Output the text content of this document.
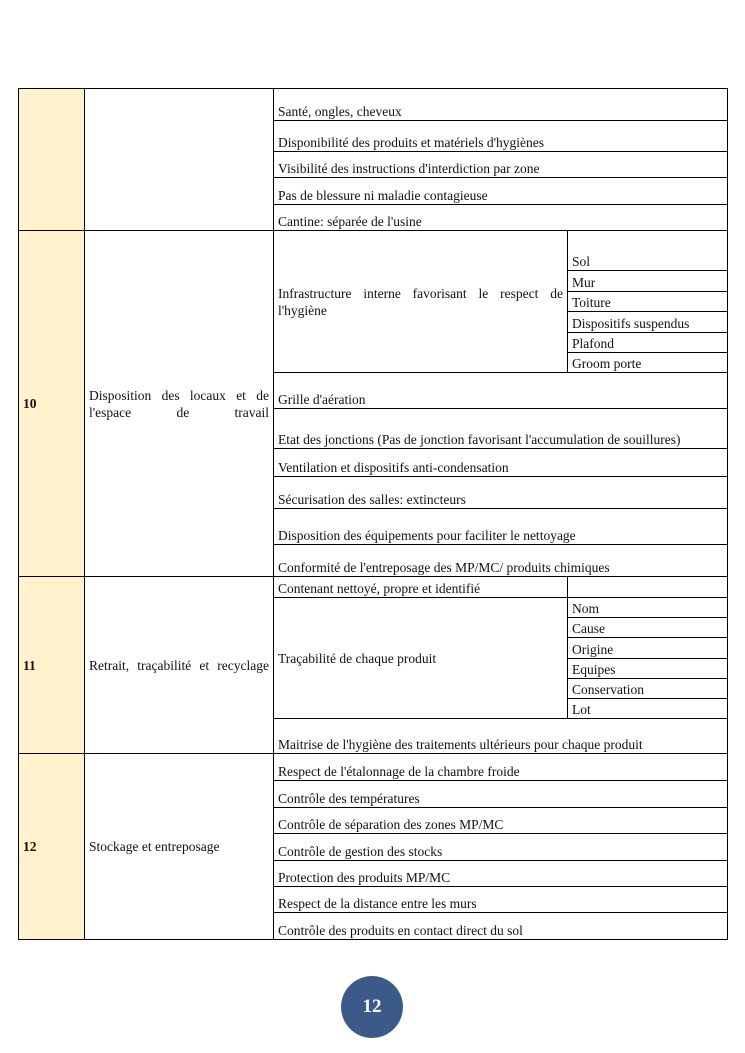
		Santé, ongles, cheveux	
		Disponibilité des produits et matériels d'hygiènes	
		Visibilité des instructions d'interdiction par zone	
		Pas de blessure ni maladie contagieuse	
		Cantine: séparée de l'usine	
10	Disposition des locaux et de l'espace de travail	Infrastructure interne favorisant le respect de l'hygiène	Sol
			Mur
			Toiture
			Dispositifs suspendus
			Plafond
			Groom porte
		Grille d'aération	
		Etat des jonctions (Pas de jonction favorisant l'accumulation de souillures)	
		Ventilation et dispositifs anti-condensation	
		Sécurisation des salles: extincteurs	
		Disposition des équipements pour faciliter le nettoyage	
		Conformité de l'entreposage des MP/MC/ produits chimiques	
11	Retrait, traçabilité et recyclage	Contenant nettoyé, propre et identifié	
		Traçabilité de chaque produit	Nom
			Cause
			Origine
			Equipes
			Conservation
			Lot
		Maitrise de l'hygiène des traitements ultérieurs pour chaque produit	
12	Stockage et entreposage	Respect de l'étalonnage de la chambre froide	
		Contrôle des températures	
		Contrôle de séparation des zones MP/MC	
		Contrôle de gestion des stocks	
		Protection des produits MP/MC	
		Respect de la distance entre les murs	
		Contrôle des produits en contact direct du sol	
12
